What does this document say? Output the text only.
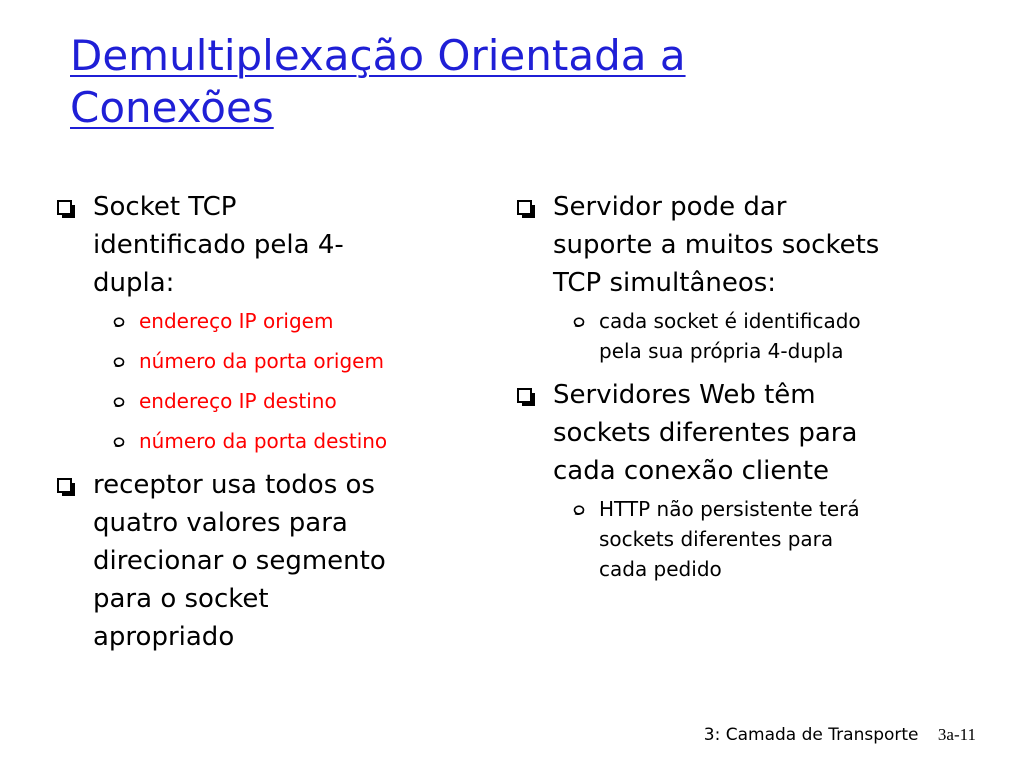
Demultiplexação Orientada a
Conexões
Socket TCP
identificado pela 4-
dupla:
endereço IP origem
número da porta origem
endereço IP destino
número da porta destino
receptor usa todos os
quatro valores para
direcionar o segmento
para o socket
apropriado
Servidor pode dar
suporte a muitos sockets
TCP simultâneos:
cada socket é identificado
pela sua própria 4-dupla
Servidores Web têm
sockets diferentes para
cada conexão cliente
HTTP não persistente terá
sockets diferentes para
cada pedido
3: Camada de Transporte 3a-11
